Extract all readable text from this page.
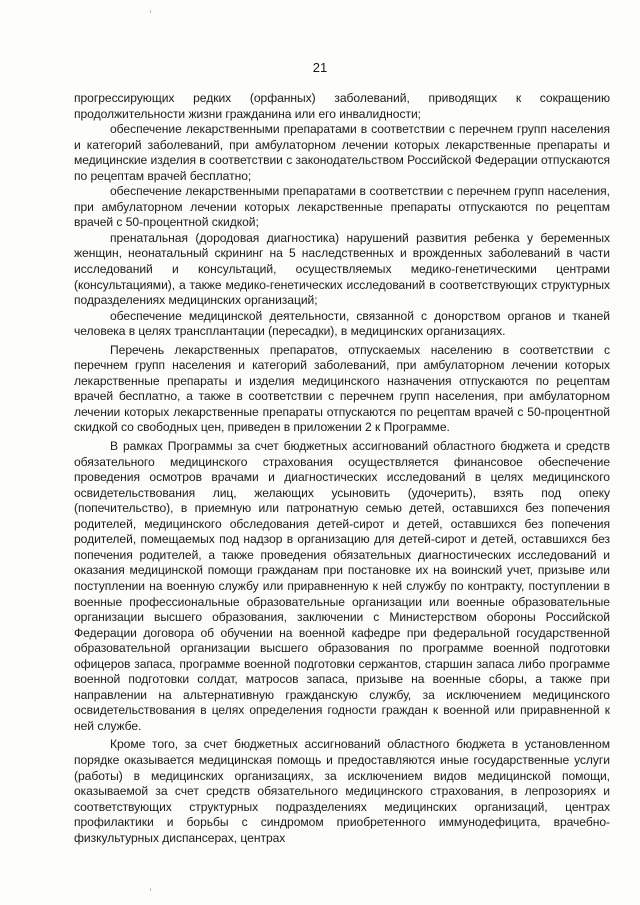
21

прогрессирующих редких (орфанных) заболеваний, приводящих к сокращению продолжительности жизни гражданина или его инвалидности;

обеспечение лекарственными препаратами в соответствии с перечнем групп населения и категорий заболеваний, при амбулаторном лечении которых лекарственные препараты и медицинские изделия в соответствии с законодательством Российской Федерации отпускаются по рецептам врачей бесплатно;

обеспечение лекарственными препаратами в соответствии с перечнем групп населения, при амбулаторном лечении которых лекарственные препараты отпускаются по рецептам врачей с 50-процентной скидкой;

пренатальная (дородовая диагностика) нарушений развития ребенка у беременных женщин, неонатальный скрининг на 5 наследственных и врожденных заболеваний в части исследований и консультаций, осуществляемых медико-генетическими центрами (консультациями), а также медико-генетических исследований в соответствующих структурных подразделениях медицинских организаций;

обеспечение медицинской деятельности, связанной с донорством органов и тканей человека в целях трансплантации (пересадки), в медицинских организациях.

Перечень лекарственных препаратов, отпускаемых населению в соответствии с перечнем групп населения и категорий заболеваний, при амбулаторном лечении которых лекарственные препараты и изделия медицинского назначения отпускаются по рецептам врачей бесплатно, а также в соответствии с перечнем групп населения, при амбулаторном лечении которых лекарственные препараты отпускаются по рецептам врачей с 50-процентной скидкой со свободных цен, приведен в приложении 2 к Программе.

В рамках Программы за счет бюджетных ассигнований областного бюджета и средств обязательного медицинского страхования осуществляется финансовое обеспечение проведения осмотров врачами и диагностических исследований в целях медицинского освидетельствования лиц, желающих усыновить (удочерить), взять под опеку (попечительство), в приемную или патронатную семью детей, оставшихся без попечения родителей, медицинского обследования детей-сирот и детей, оставшихся без попечения родителей, помещаемых под надзор в организацию для детей-сирот и детей, оставшихся без попечения родителей, а также проведения обязательных диагностических исследований и оказания медицинской помощи гражданам при постановке их на воинский учет, призыве или поступлении на военную службу или приравненную к ней службу по контракту, поступлении в военные профессиональные образовательные организации или военные образовательные организации высшего образования, заключении с Министерством обороны Российской Федерации договора об обучении на военной кафедре при федеральной государственной образовательной организации высшего образования по программе военной подготовки офицеров запаса, программе военной подготовки сержантов, старшин запаса либо программе военной подготовки солдат, матросов запаса, призыве на военные сборы, а также при направлении на альтернативную гражданскую службу, за исключением медицинского освидетельствования в целях определения годности граждан к военной или приравненной к ней службе.

Кроме того, за счет бюджетных ассигнований областного бюджета в установленном порядке оказывается медицинская помощь и предоставляются иные государственные услуги (работы) в медицинских организациях, за исключением видов медицинской помощи, оказываемой за счет средств обязательного медицинского страхования, в лепрозориях и соответствующих структурных подразделениях медицинских организаций, центрах профилактики и борьбы с синдромом приобретенного иммунодефицита, врачебно-физкультурных диспансерах, центрах
